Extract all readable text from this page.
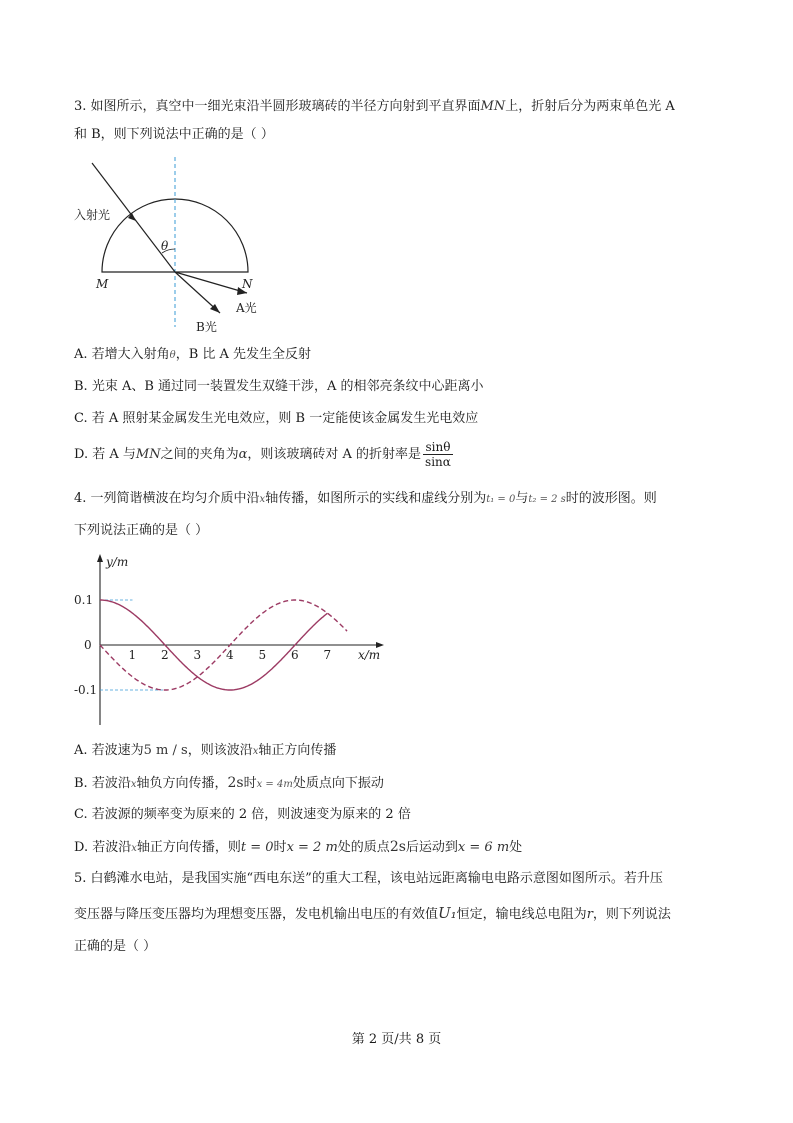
3. 如图所示，真空中一细光束沿半圆形玻璃砖的半径方向射到平直界面MN上，折射后分为两束单色光 A
和 B，则下列说法中正确的是（ ）
θ
入射光
M	N
A光
B光
A. 若增大入射角θ，B 比 A 先发生全反射
B. 光束 A、B 通过同一装置发生双缝干涉，A 的相邻亮条纹中心距离小
C. 若 A 照射某金属发生光电效应，则 B 一定能使该金属发生光电效应
D. 若 A 与MN之间的夹角为α，则该玻璃砖对 A 的折射率是 $\frac{\sin\theta}{\sin\alpha}$
4. 一列简谐横波在均匀介质中沿x轴传播，如图所示的实线和虚线分别为t₁ = 0与t₂ = 2 s时的波形图。则
下列说法正确的是（ ）
1 2 3 4 5 6 7
0.1
0
-0.1
y/m
x/m
A. 若波速为5 m / s，则该波沿x轴正方向传播
B. 若波沿x轴负方向传播，2s时x = 4m处质点向下振动
C. 若波源的频率变为原来的 2 倍，则波速变为原来的 2 倍
D. 若波沿x轴正方向传播，则t = 0时x = 2 m处的质点2s后运动到x = 6 m处
5. 白鹤滩水电站，是我国实施“西电东送”的重大工程，该电站远距离输电电路示意图如图所示。若升压
变压器与降压变压器均为理想变压器，发电机输出电压的有效值U₁恒定，输电线总电阻为r，则下列说法
正确的是（ ）
第 2 页/共 8 页
